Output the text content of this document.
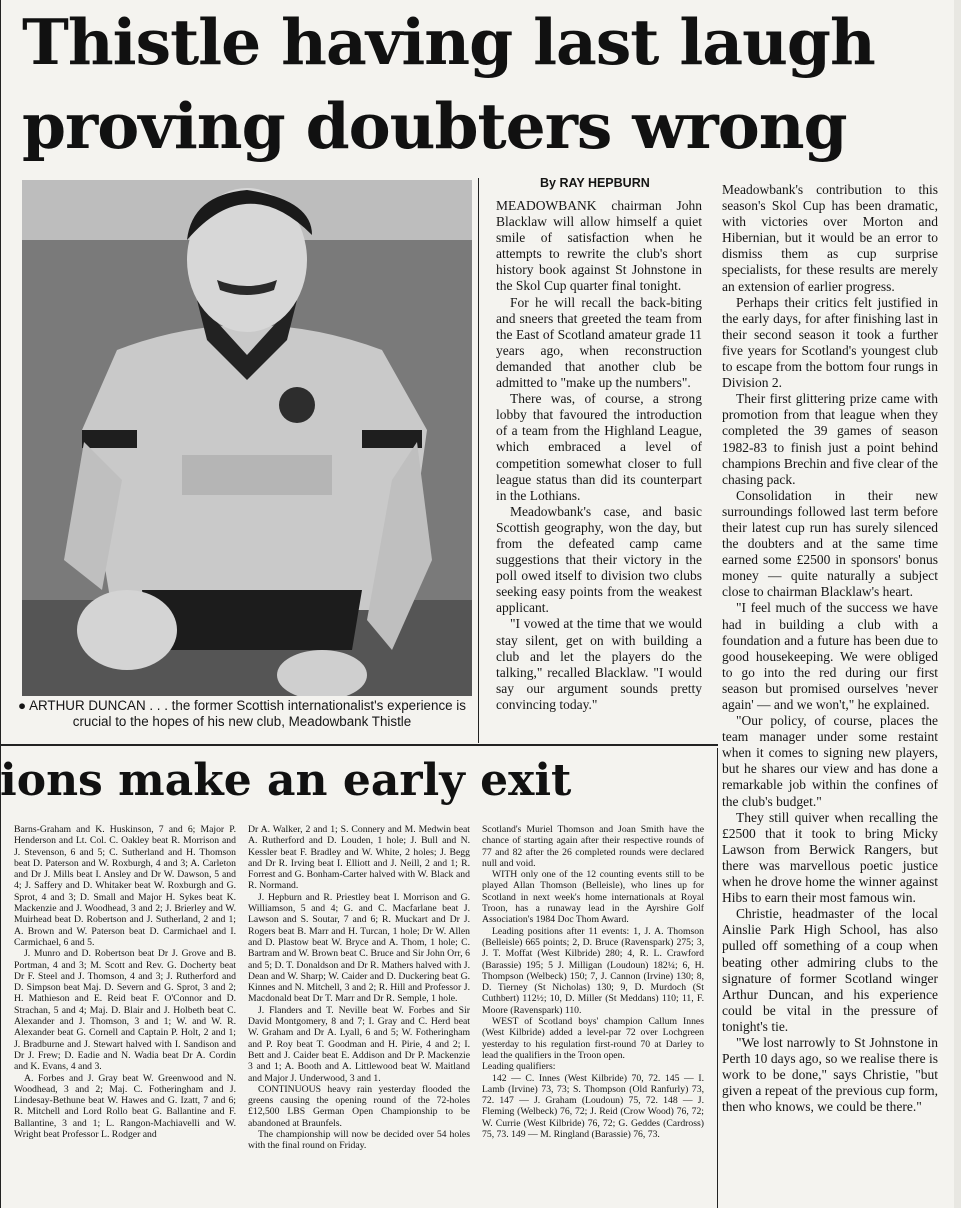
Thistle having last laugh
proving doubters wrong

● ARTHUR DUNCAN . . . the former Scottish internationalist's experience is crucial to the hopes of his new club, Meadowbank Thistle

By RAY HEPBURN

MEADOWBANK chairman John Blacklaw will allow himself a quiet smile of satisfaction when he attempts to rewrite the club's short history book against St Johnstone in the Skol Cup quarter final tonight.

For he will recall the back-biting and sneers that greeted the team from the East of Scotland amateur grade 11 years ago, when reconstruction demanded that another club be admitted to "make up the numbers".

There was, of course, a strong lobby that favoured the introduction of a team from the Highland League, which embraced a level of competition somewhat closer to full league status than did its counterpart in the Lothians.

Meadowbank's case, and basic Scottish geography, won the day, but from the defeated camp came suggestions that their victory in the poll owed itself to division two clubs seeking easy points from the weakest applicant.

"I vowed at the time that we would stay silent, get on with building a club and let the players do the talking," recalled Blacklaw. "I would say our argument sounds pretty convincing today."

Meadowbank's contribution to this season's Skol Cup has been dramatic, with victories over Morton and Hibernian, but it would be an error to dismiss them as cup surprise specialists, for these results are merely an extension of earlier progress.

Perhaps their critics felt justified in the early days, for after finishing last in their second season it took a further five years for Scotland's youngest club to escape from the bottom four rungs in Division 2.

Their first glittering prize came with promotion from that league when they completed the 39 games of season 1982-83 to finish just a point behind champions Brechin and five clear of the chasing pack.

Consolidation in their new surroundings followed last term before their latest cup run has surely silenced the doubters and at the same time earned some £2500 in sponsors' bonus money — quite naturally a subject close to chairman Blacklaw's heart.

"I feel much of the success we have had in building a club with a foundation and a future has been due to good housekeeping. We were obliged to go into the red during our first season but promised ourselves 'never again' — and we won't," he explained.

"Our policy, of course, places the team manager under some restaint when it comes to signing new players, but he shares our view and has done a remarkable job within the confines of the club's budget."

They still quiver when recalling the £2500 that it took to bring Micky Lawson from Berwick Rangers, but there was marvellous poetic justice when he drove home the winner against Hibs to earn their most famous win.

Christie, headmaster of the local Ainslie Park High School, has also pulled off something of a coup when beating other admiring clubs to the signature of former Scotland winger Arthur Duncan, and his experience could be vital in the pressure of tonight's tie.

"We lost narrowly to St Johnstone in Perth 10 days ago, so we realise there is work to be done," says Christie, "but given a repeat of the previous cup form, then who knows, we could be there."

ions make an early exit

Barns-Graham and K. Huskinson, 7 and 6; Major P. Henderson and Lt. Col. C. Oakley beat R. Morrison and J. Stevenson, 6 and 5; C. Sutherland and H. Thomson beat D. Paterson and W. Roxburgh, 4 and 3; A. Carleton and Dr J. Mills beat I. Ansley and Dr W. Dawson, 5 and 4; J. Saffery and D. Whitaker beat W. Roxburgh and G. Sprot, 4 and 3; D. Small and Major H. Sykes beat K. Mackenzie and J. Woodhead, 3 and 2; J. Brierley and W. Muirhead beat D. Robertson and J. Sutherland, 2 and 1; A. Brown and W. Paterson beat D. Carmichael and I. Carmichael, 6 and 5.

J. Munro and D. Robertson beat Dr J. Grove and B. Portman, 4 and 3; M. Scott and Rev. G. Docherty beat Dr F. Steel and J. Thomson, 4 and 3; J. Rutherford and D. Simpson beat Maj. D. Severn and G. Sprot, 3 and 2; H. Mathieson and E. Reid beat F. O'Connor and D. Strachan, 5 and 4; Maj. D. Blair and J. Holbeth beat C. Alexander and J. Thomson, 3 and 1; W. and W. R. Alexander beat G. Cornell and Captain P. Holt, 2 and 1; J. Bradburne and J. Stewart halved with I. Sandison and Dr J. Frew; D. Eadie and N. Wadia beat Dr A. Cordin and K. Evans, 4 and 3.

A. Forbes and J. Gray beat W. Greenwood and N. Woodhead, 3 and 2; Maj. C. Fotheringham and J. Lindesay-Bethune beat W. Hawes and G. Izatt, 7 and 6; R. Mitchell and Lord Rollo beat G. Ballantine and F. Ballantine, 3 and 1; L. Rangon-Machiavelli and W. Wright beat Professor L. Rodger and

Dr A. Walker, 2 and 1; S. Connery and M. Medwin beat A. Rutherford and D. Louden, 1 hole; J. Bull and N. Kessler beat F. Bradley and W. White, 2 holes; J. Begg and Dr R. Irving beat I. Elliott and J. Neill, 2 and 1; R. Forrest and G. Bonham-Carter halved with W. Black and R. Normand.

J. Hepburn and R. Priestley beat I. Morrison and G. Williamson, 5 and 4; G. and C. Macfarlane beat J. Lawson and S. Soutar, 7 and 6; R. Muckart and Dr J. Rogers beat B. Marr and H. Turcan, 1 hole; Dr W. Allen and D. Plastow beat W. Bryce and A. Thom, 1 hole; C. Bartram and W. Brown beat C. Bruce and Sir John Orr, 6 and 5; D. T. Donaldson and Dr R. Mathers halved with J. Dean and W. Sharp; W. Caider and D. Duckering beat G. Kinnes and N. Mitchell, 3 and 2; R. Hill and Professor J. Macdonald beat Dr T. Marr and Dr R. Semple, 1 hole.

J. Flanders and T. Neville beat W. Forbes and Sir David Montgomery, 8 and 7; I. Gray and C. Herd beat W. Graham and Dr A. Lyall, 6 and 5; W. Fotheringham and P. Roy beat T. Goodman and H. Pirie, 4 and 2; I. Bett and J. Caider beat E. Addison and Dr P. Mackenzie 3 and 1; A. Booth and A. Littlewood beat W. Maitland and Major J. Underwood, 3 and 1.

CONTINUOUS heavy rain yesterday flooded the greens causing the opening round of the 72-holes £12,500 LBS German Open Championship to be abandoned at Braunfels.

The championship will now be decided over 54 holes with the final round on Friday.

Scotland's Muriel Thomson and Joan Smith have the chance of starting again after their respective rounds of 77 and 82 after the 26 completed rounds were declared null and void.

WITH only one of the 12 counting events still to be played Allan Thomson (Belleisle), who lines up for Scotland in next week's home internationals at Royal Troon, has a runaway lead in the Ayrshire Golf Association's 1984 Doc Thom Award.

Leading positions after 11 events: 1, J. A. Thomson (Belleisle) 665 points; 2, D. Bruce (Ravenspark) 275; 3, J. T. Moffat (West Kilbride) 280; 4, R. L. Crawford (Barassie) 195; 5 J. Milligan (Loudoun) 182¼; 6, H. Thompson (Welbeck) 150; 7, J. Cannon (Irvine) 130; 8, D. Tierney (St Nicholas) 130; 9, D. Murdoch (St Cuthbert) 112½; 10, D. Miller (St Meddans) 110; 11, F. Moore (Ravenspark) 110.

WEST of Scotland boys' champion Callum Innes (West Kilbride) added a level-par 72 over Lochgreen yesterday to his regulation first-round 70 at Darley to lead the qualifiers in the Troon open.

Leading qualifiers:

142 — C. Innes (West Kilbride) 70, 72. 145 — I. Lamb (Irvine) 73, 73; S. Thompson (Old Ranfurly) 73, 72. 147 — J. Graham (Loudoun) 75, 72. 148 — J. Fleming (Welbeck) 76, 72; J. Reid (Crow Wood) 76, 72; W. Currie (West Kilbride) 76, 72; G. Geddes (Cardross) 75, 73. 149 — M. Ringland (Barassie) 76, 73.
